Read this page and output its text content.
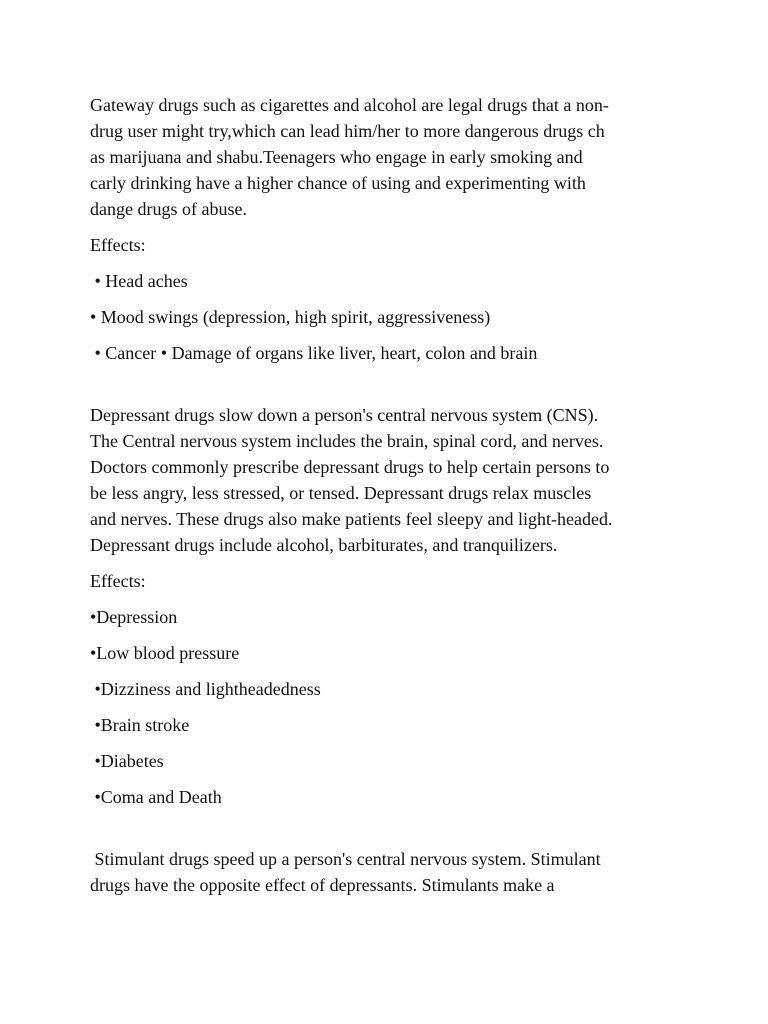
Gateway drugs such as cigarettes and alcohol are legal drugs that a non-
drug user might try,which can lead him/her to more dangerous drugs ch
as marijuana and shabu.Teenagers who engage in early smoking and
carly drinking have a higher chance of using and experimenting with
dange drugs of abuse.
Effects:
• Head aches
• Mood swings (depression, high spirit, aggressiveness)
• Cancer • Damage of organs like liver, heart, colon and brain
Depressant drugs slow down a person's central nervous system (CNS).
The Central nervous system includes the brain, spinal cord, and nerves.
Doctors commonly prescribe depressant drugs to help certain persons to
be less angry, less stressed, or tensed. Depressant drugs relax muscles
and nerves. These drugs also make patients feel sleepy and light-headed.
Depressant drugs include alcohol, barbiturates, and tranquilizers.
Effects:
•Depression
•Low blood pressure
•Dizziness and lightheadedness
•Brain stroke
•Diabetes
•Coma and Death
Stimulant drugs speed up a person's central nervous system. Stimulant
drugs have the opposite effect of depressants. Stimulants make a
